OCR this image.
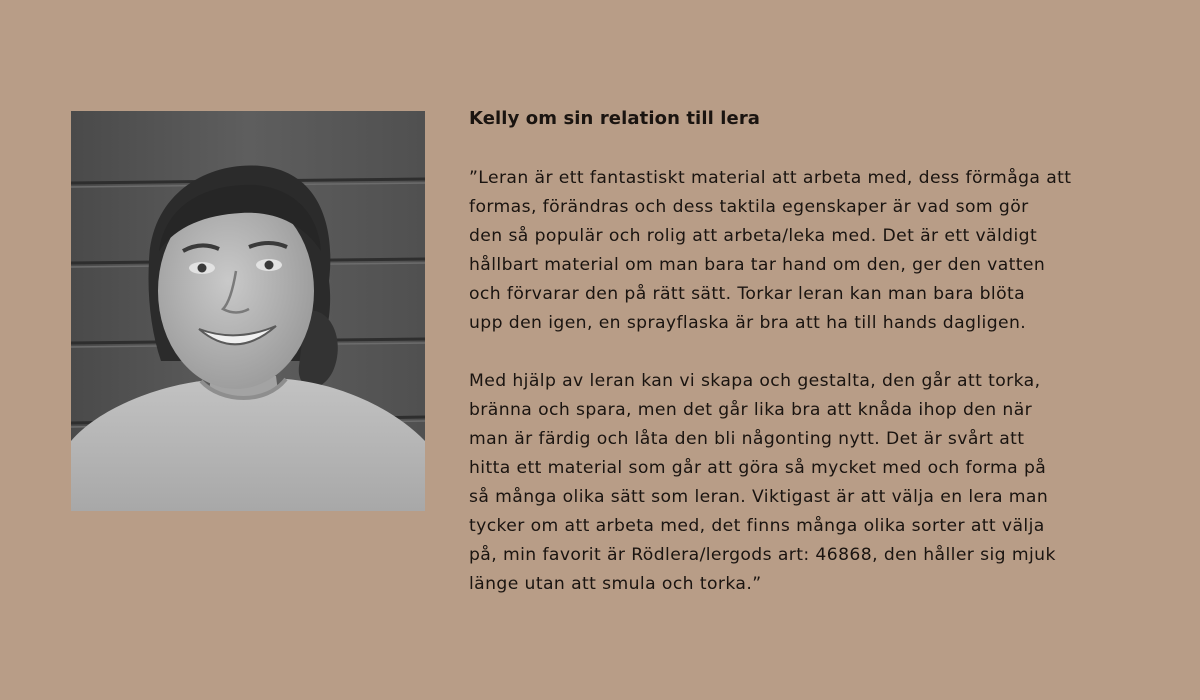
Kelly om sin relation till lera

”Leran är ett fantastiskt material att arbeta med, dess förmåga att
formas, förändras och dess taktila egenskaper är vad som gör
den så populär och rolig att arbeta/leka med. Det är ett väldigt
hållbart material om man bara tar hand om den, ger den vatten
och förvarar den på rätt sätt. Torkar leran kan man bara blöta
upp den igen, en sprayflaska är bra att ha till hands dagligen.

Med hjälp av leran kan vi skapa och gestalta, den går att torka,
bränna och spara, men det går lika bra att knåda ihop den när
man är färdig och låta den bli någonting nytt. Det är svårt att
hitta ett material som går att göra så mycket med och forma på
så många olika sätt som leran. Viktigast är att välja en lera man
tycker om att arbeta med, det finns många olika sorter att välja
på, min favorit är Rödlera/lergods art: 46868, den håller sig mjuk
länge utan att smula och torka.”
